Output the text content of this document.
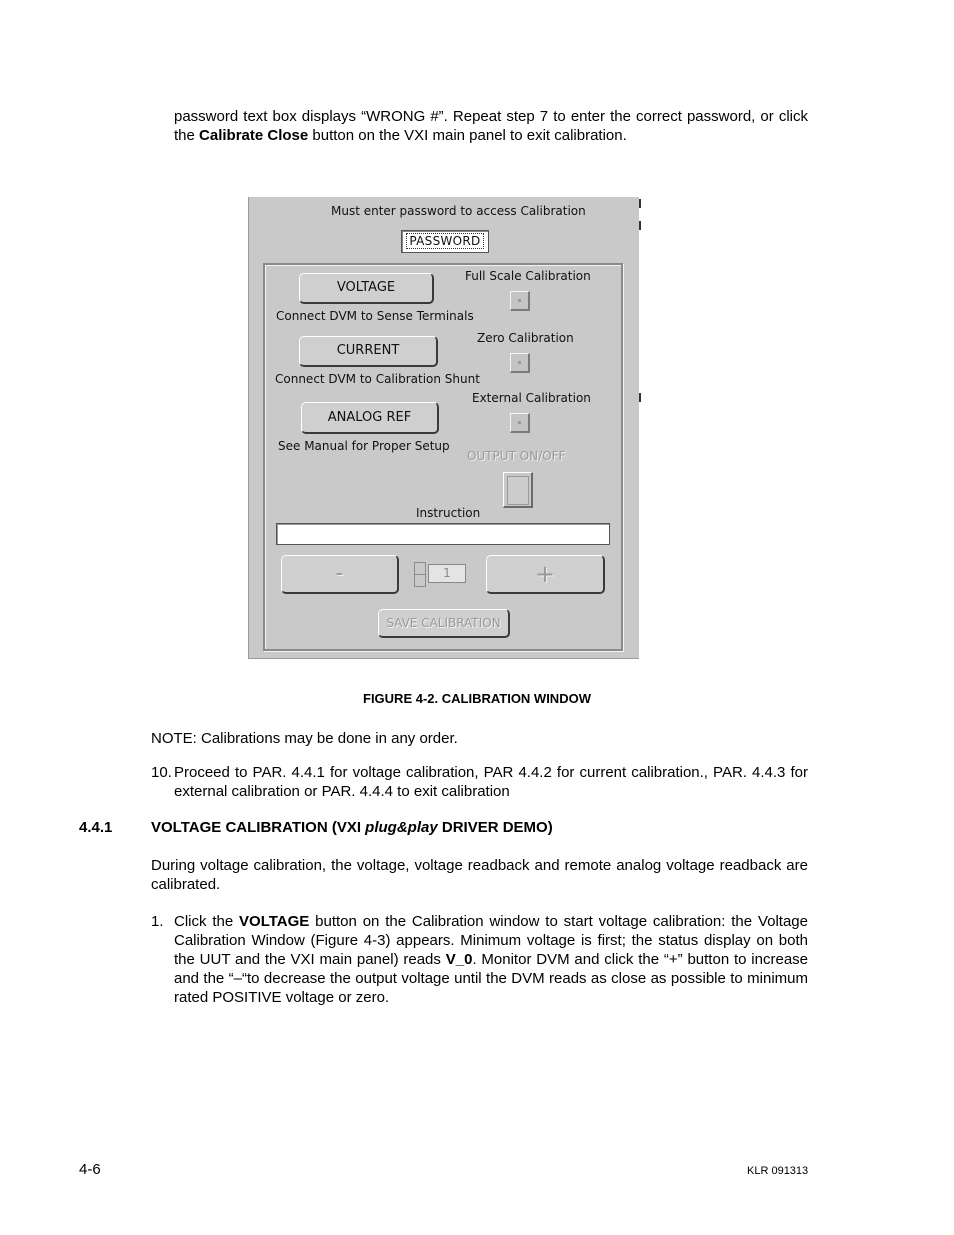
password text box displays “WRONG #”. Repeat step 7 to enter the correct password, or click the Calibrate Close button on the VXI main panel to exit calibration.
Must enter password to access Calibration
PASSWORD
VOLTAGE
Connect DVM to Sense Terminals
CURRENT
Connect DVM to Calibration Shunt
ANALOG REF
See Manual for Proper Setup
Full Scale Calibration
Zero Calibration
External Calibration
OUTPUT ON/OFF
Instruction
-	1	+
SAVE CALIBRATION
FIGURE 4-2. CALIBRATION WINDOW
NOTE: Calibrations may be done in any order.
10. Proceed to PAR. 4.4.1 for voltage calibration, PAR 4.4.2 for current calibration., PAR. 4.4.3 for external calibration or PAR. 4.4.4 to exit calibration
4.4.1	VOLTAGE CALIBRATION (VXI plug&play DRIVER DEMO)
During voltage calibration, the voltage, voltage readback and remote analog voltage readback are calibrated.
1. Click the VOLTAGE button on the Calibration window to start voltage calibration: the Voltage Calibration Window (Figure 4-3) appears. Minimum voltage is first; the status display on both the UUT and the VXI main panel) reads V_0. Monitor DVM and click the “+” button to increase and the “–“to decrease the output voltage until the DVM reads as close as possible to minimum rated POSITIVE voltage or zero.
4-6	KLR 091313
